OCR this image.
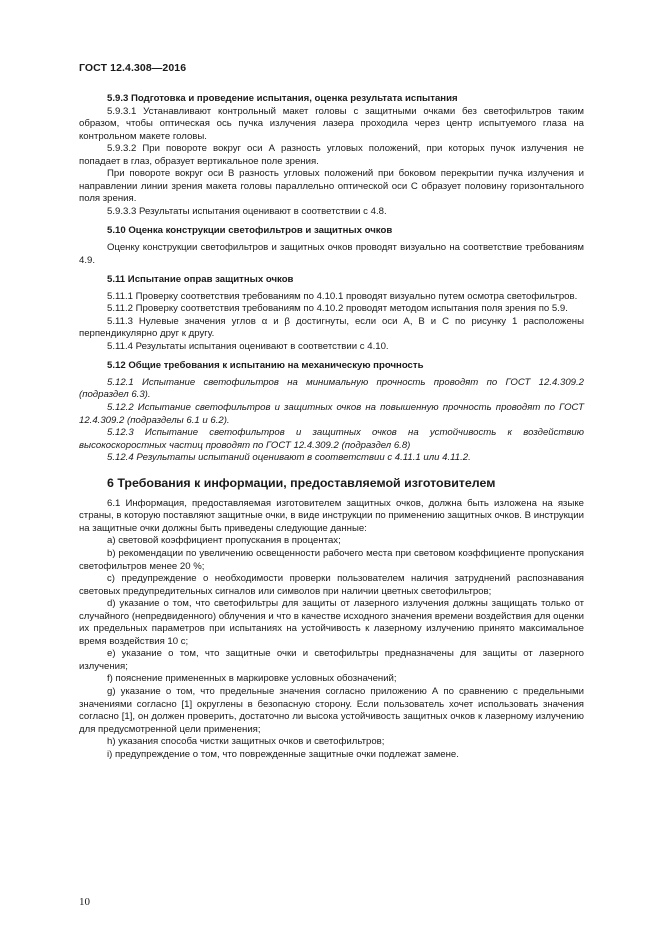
ГОСТ 12.4.308—2016

5.9.3 Подготовка и проведение испытания, оценка результата испытания

5.9.3.1 Устанавливают контрольный макет головы с защитными очками без светофильтров таким образом, чтобы оптическая ось пучка излучения лазера проходила через центр испытуемого глаза на контрольном макете головы.

5.9.3.2 При повороте вокруг оси А разность угловых положений, при которых пучок излучения не попадает в глаз, образует вертикальное поле зрения.

При повороте вокруг оси В разность угловых положений при боковом перекрытии пучка излучения и направлении линии зрения макета головы параллельно оптической оси С образует половину горизонтального поля зрения.

5.9.3.3 Результаты испытания оценивают в соответствии с 4.8.

5.10 Оценка конструкции светофильтров и защитных очков

Оценку конструкции светофильтров и защитных очков проводят визуально на соответствие требованиям 4.9.

5.11 Испытание оправ защитных очков

5.11.1 Проверку соответствия требованиям по 4.10.1 проводят визуально путем осмотра светофильтров.

5.11.2 Проверку соответствия требованиям по 4.10.2 проводят методом испытания поля зрения по 5.9.

5.11.3 Нулевые значения углов α и β достигнуты, если оси А, В и С по рисунку 1 расположены перпендикулярно друг к другу.

5.11.4 Результаты испытания оценивают в соответствии с 4.10.

5.12 Общие требования к испытанию на механическую прочность

5.12.1 Испытание светофильтров на минимальную прочность проводят по ГОСТ 12.4.309.2 (подраздел 6.3).

5.12.2 Испытание светофильтров и защитных очков на повышенную прочность проводят по ГОСТ 12.4.309.2 (подразделы 6.1 и 6.2).

5.12.3 Испытание светофильтров и защитных очков на устойчивость к воздействию высокоскоростных частиц проводят по ГОСТ 12.4.309.2 (подраздел 6.8)

5.12.4 Результаты испытаний оценивают в соответствии с 4.11.1 или 4.11.2.

6 Требования к информации, предоставляемой изготовителем

6.1 Информация, предоставляемая изготовителем защитных очков, должна быть изложена на языке страны, в которую поставляют защитные очки, в виде инструкции по применению защитных очков. В инструкции на защитные очки должны быть приведены следующие данные:

a) световой коэффициент пропускания в процентах;

b) рекомендации по увеличению освещенности рабочего места при световом коэффициенте пропускания светофильтров менее 20 %;

c) предупреждение о необходимости проверки пользователем наличия затруднений распознавания световых предупредительных сигналов или символов при наличии цветных светофильтров;

d) указание о том, что светофильтры для защиты от лазерного излучения должны защищать только от случайного (непредвиденного) облучения и что в качестве исходного значения времени воздействия для оценки их предельных параметров при испытаниях на устойчивость к лазерному излучению принято максимальное время воздействия 10 с;

e) указание о том, что защитные очки и светофильтры предназначены для защиты от лазерного излучения;

f) пояснение примененных в маркировке условных обозначений;

g) указание о том, что предельные значения согласно приложению А по сравнению с предельными значениями согласно [1] округлены в безопасную сторону. Если пользователь хочет использовать значения согласно [1], он должен проверить, достаточно ли высока устойчивость защитных очков к лазерному излучению для предусмотренной цели применения;

h) указания способа чистки защитных очков и светофильтров;

i) предупреждение о том, что поврежденные защитные очки подлежат замене.

10
